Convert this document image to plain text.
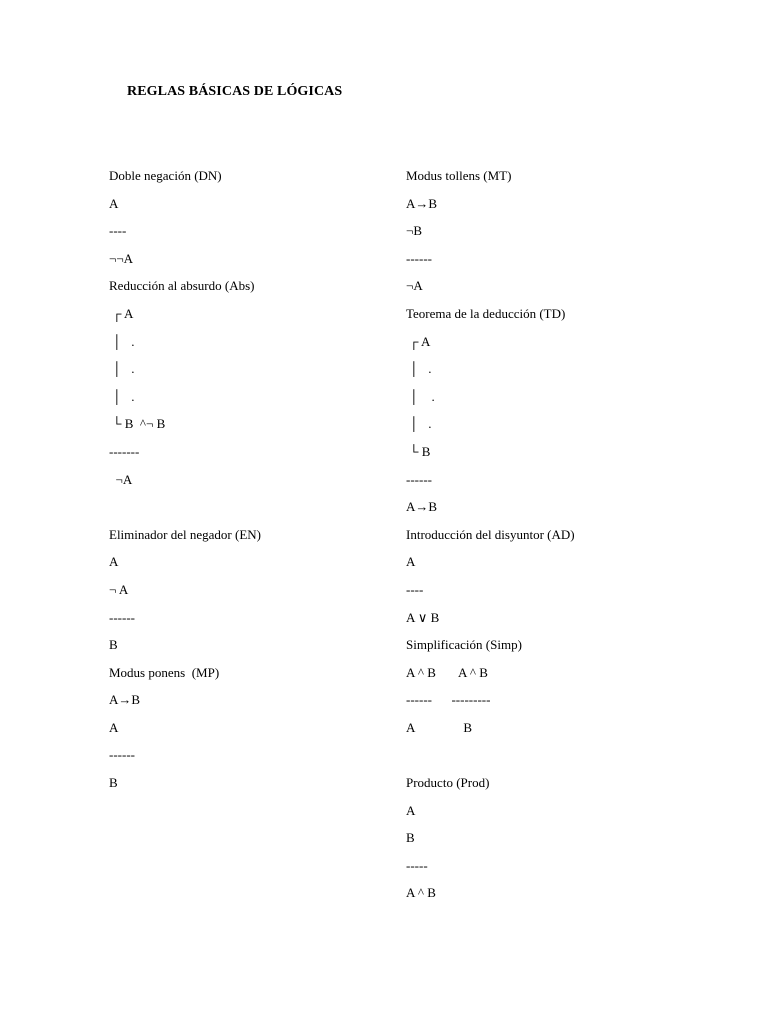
REGLAS BÁSICAS DE LÓGICAS
Doble negación (DN)
A
----
¬¬A
Reducción al absurdo (Abs)
┌ A
│   .
│   .
│   .
└ B  ^¬ B
-------
¬A
Eliminador del negador (EN)
A
¬ A
------
B
Modus ponens  (MP)
A→B
A
------
B
Modus tollens (MT)
A→B
¬B
------
¬A
Teorema de la deducción (TD)
┌ A
│   .
│    .
│   .
└ B
------
A→B
Introducción del disyuntor (AD)
A
----
A ∨ B
Simplificación (Simp)
A ^ B       A ^ B
------      ---------
A               B
Producto (Prod)
A
B
-----
A ^ B
